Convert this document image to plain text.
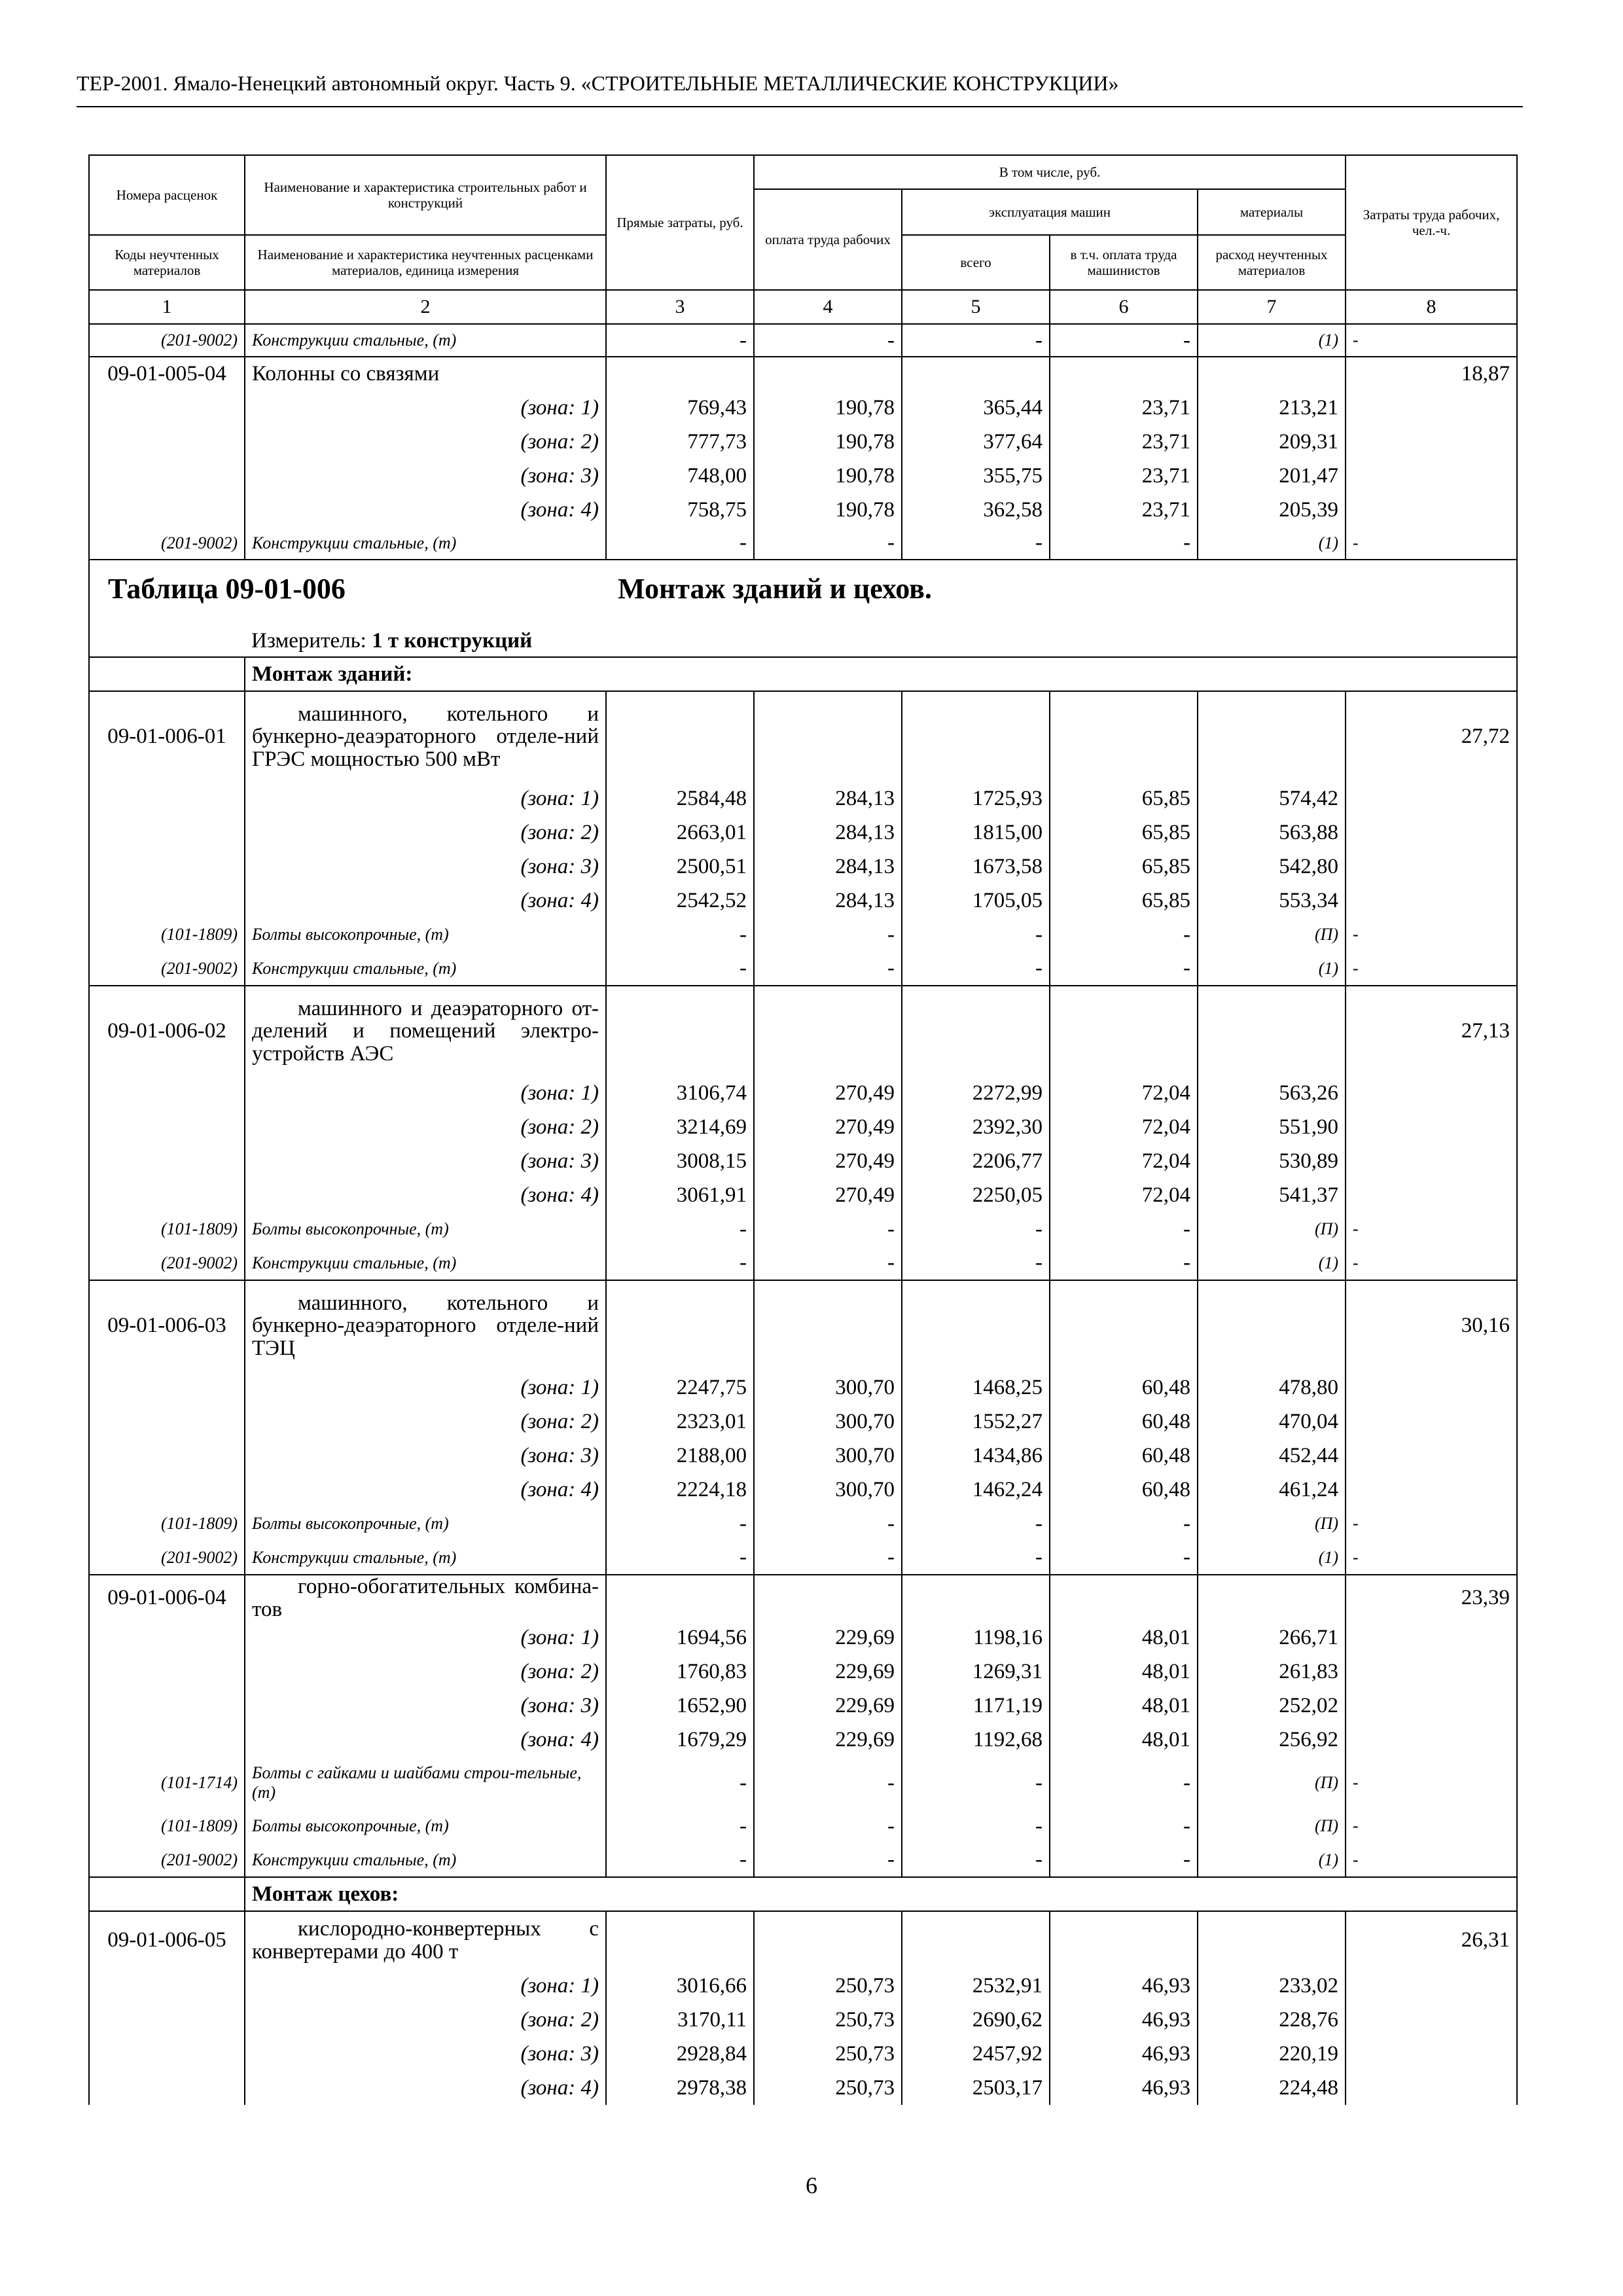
ТЕР-2001. Ямало-Ненецкий автономный округ. Часть 9. «СТРОИТЕЛЬНЫЕ МЕТАЛЛИЧЕСКИЕ КОНСТРУКЦИИ»
Номера расценок	Наименование и характеристика строительных работ и конструкций	Прямые затраты, руб.	В том числе, руб.				Затраты труда рабочих, чел.-ч.
			оплата труда рабочих	эксплуатация машин		материалы	
Коды неучтенных материалов	Наименование и характеристика неучтенных расценками материалов, единица измерения			всего	в т.ч. оплата труда машинистов	расход неучтенных материалов	

1	2	3	4	5	6	7	8
(201-9002)	Конструкции стальные, (т)	-	-	-	-	(1)	-
09-01-005-04	Колонны со связями						18,87
	(зона: 1)	769,43	190,78	365,44	23,71	213,21	
	(зона: 2)	777,73	190,78	377,64	23,71	209,31	
	(зона: 3)	748,00	190,78	355,75	23,71	201,47	
	(зона: 4)	758,75	190,78	362,58	23,71	205,39	
(201-9002)	Конструкции стальные, (т)	-	-	-	-	(1)	-

Таблица 09-01-006 Монтаж зданий и цехов.							

	Измеритель: 1 т конструкций						
	Монтаж зданий:						
09-01-006-01	машинного, котельного и бункерно-деаэраторного отделе-ний ГРЭС мощностью 500 мВт						27,72
	(зона: 1)	2584,48	284,13	1725,93	65,85	574,42	
	(зона: 2)	2663,01	284,13	1815,00	65,85	563,88	
	(зона: 3)	2500,51	284,13	1673,58	65,85	542,80	
	(зона: 4)	2542,52	284,13	1705,05	65,85	553,34	
(101-1809)	Болты высокопрочные, (т)	-	-	-	-	(П)	-
(201-9002)	Конструкции стальные, (т)	-	-	-	-	(1)	-
09-01-006-02	машинного и деаэраторного от-делений и помещений электро-устройств АЭС						27,13
	(зона: 1)	3106,74	270,49	2272,99	72,04	563,26	
	(зона: 2)	3214,69	270,49	2392,30	72,04	551,90	
	(зона: 3)	3008,15	270,49	2206,77	72,04	530,89	
	(зона: 4)	3061,91	270,49	2250,05	72,04	541,37	
(101-1809)	Болты высокопрочные, (т)	-	-	-	-	(П)	-
(201-9002)	Конструкции стальные, (т)	-	-	-	-	(1)	-
09-01-006-03	машинного, котельного и бункерно-деаэраторного отделе-ний ТЭЦ						30,16
	(зона: 1)	2247,75	300,70	1468,25	60,48	478,80	
	(зона: 2)	2323,01	300,70	1552,27	60,48	470,04	
	(зона: 3)	2188,00	300,70	1434,86	60,48	452,44	
	(зона: 4)	2224,18	300,70	1462,24	60,48	461,24	
(101-1809)	Болты высокопрочные, (т)	-	-	-	-	(П)	-
(201-9002)	Конструкции стальные, (т)	-	-	-	-	(1)	-
09-01-006-04	горно-обогатительных комбина-тов						23,39
	(зона: 1)	1694,56	229,69	1198,16	48,01	266,71	
	(зона: 2)	1760,83	229,69	1269,31	48,01	261,83	
	(зона: 3)	1652,90	229,69	1171,19	48,01	252,02	
	(зона: 4)	1679,29	229,69	1192,68	48,01	256,92	
(101-1714)	Болты с гайками и шайбами строи-тельные, (т)	-	-	-	-	(П)	-
(101-1809)	Болты высокопрочные, (т)	-	-	-	-	(П)	-
(201-9002)	Конструкции стальные, (т)	-	-	-	-	(1)	-
	Монтаж цехов:						
09-01-006-05	кислородно-конвертерных с конвертерами до 400 т						26,31
	(зона: 1)	3016,66	250,73	2532,91	46,93	233,02	
	(зона: 2)	3170,11	250,73	2690,62	46,93	228,76	
	(зона: 3)	2928,84	250,73	2457,92	46,93	220,19	
	(зона: 4)	2978,38	250,73	2503,17	46,93	224,48	
6
